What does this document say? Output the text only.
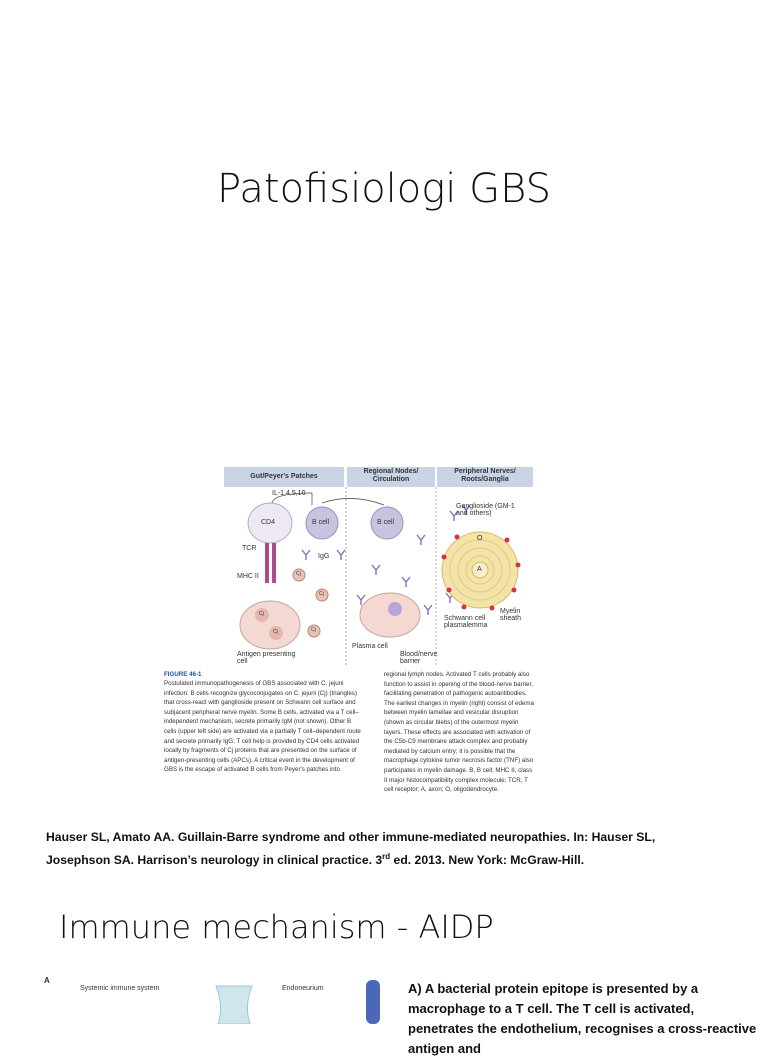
Patofisiologi GBS
Gut/Peyer's Patches
Regional Nodes/ Circulation
Peripheral Nerves/ Roots/Ganglia
IL-1,4,5,10
CD4	B cell	B cell
IgG
TCR
MHC II	Cj
Cj
Cj
Cj
Cj
Antigen presenting cell
Plasma cell
Blood/nerve barrier
Ganglioside (GM-1 and others)
O
A
Myelin sheath
Schwann cell plasmalemma
FIGURE 46-1
Postulated immunopathogenesis of GBS associated with C. jejuni infection. B cells recognize glycoconjugates on C. jejuni (Cj) (triangles) that cross-react with ganglioside present on Schwann cell surface and subjacent peripheral nerve myelin. Some B cells, activated via a T cell–independent mechanism, secrete primarily IgM (not shown). Other B cells (upper left side) are activated via a partially T cell–dependent route and secrete primarily IgG; T cell help is provided by CD4 cells activated locally by fragments of Cj proteins that are presented on the surface of antigen-presenting cells (APCs). A critical event in the development of GBS is the escape of activated B cells from Peyer's patches into
regional lymph nodes. Activated T cells probably also function to assist in opening of the blood-nerve barrier, facilitating penetration of pathogenic autoantibodies. The earliest changes in myelin (right) consist of edema between myelin lamellae and vesicular disruption (shown as circular blebs) of the outermost myelin layers. These effects are associated with activation of the C5b-C9 membrane attack complex and probably mediated by calcium entry; it is possible that the macrophage cytokine tumor necrosis factor (TNF) also participates in myelin damage. B, B cell; MHC II, class II major histocompatibility complex molecule; TCR, T cell receptor; A, axon; O, oligodendrocyte.
Hauser SL, Amato AA. Guillain-Barre syndrome and other immune-mediated neuropathies. In: Hauser SL,
Josephson SA. Harrison’s neurology in clinical practice. 3rd ed. 2013. New York: McGraw-Hill.
Immune mechanism - AIDP
A
Systemic immune system	Endoneurium	A) A bacterial protein epitope is presented by a macrophage to a T cell. The T cell is activated, penetrates the endothelium, recognises a cross-reactive antigen and
